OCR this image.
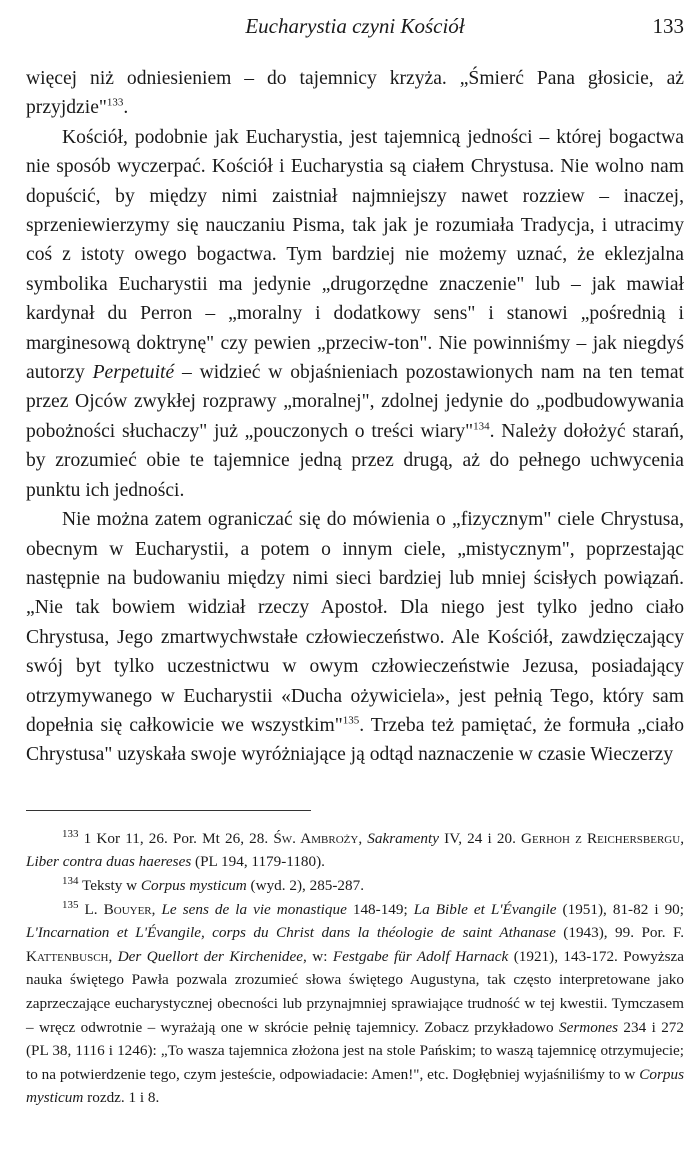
Eucharystia czyni Kościół	133

więcej niż odniesieniem – do tajemnicy krzyża. „Śmierć Pana głosicie, aż przyjdzie"$^{133}$.

Kościół, podobnie jak Eucharystia, jest tajemnicą jedności – której bogactwa nie sposób wyczerpać. Kościół i Eucharystia są ciałem Chrystusa. Nie wolno nam dopuścić, by między nimi zaistniał najmniejszy nawet rozziew – inaczej, sprzeniewierzymy się nauczaniu Pisma, tak jak je rozumiała Tradycja, i utracimy coś z istoty owego bogactwa. Tym bardziej nie możemy uznać, że eklezjalna symbolika Eucharystii ma jedynie „drugorzędne znaczenie" lub – jak mawiał kardynał du Perron – „moralny i dodatkowy sens" i stanowi „pośrednią i marginesową doktrynę" czy pewien „przeciw-ton". Nie powinniśmy – jak niegdyś autorzy Perpetuité – widzieć w objaśnieniach pozostawionych nam na ten temat przez Ojców zwykłej rozprawy „moralnej", zdolnej jedynie do „podbudowywania pobożności słuchaczy" już „pouczonych o treści wiary"$^{134}$. Należy dołożyć starań, by zrozumieć obie te tajemnice jedną przez drugą, aż do pełnego uchwycenia punktu ich jedności.

Nie można zatem ograniczać się do mówienia o „fizycznym" ciele Chrystusa, obecnym w Eucharystii, a potem o innym ciele, „mistycznym", poprzestając następnie na budowaniu między nimi sieci bardziej lub mniej ścisłych powiązań. „Nie tak bowiem widział rzeczy Apostoł. Dla niego jest tylko jedno ciało Chrystusa, Jego zmartwychwstałe człowieczeństwo. Ale Kościół, zawdzięczający swój byt tylko uczestnictwu w owym człowieczeństwie Jezusa, posiadający otrzymywanego w Eucharystii «Ducha ożywiciela», jest pełnią Tego, który sam dopełnia się całkowicie we wszystkim"$^{135}$. Trzeba też pamiętać, że formuła „ciało Chrystusa" uzyskała swoje wyróżniające ją odtąd naznaczenie w czasie Wieczerzy

$^{133}$ 1 Kor 11, 26. Por. Mt 26, 28. Św. Ambroży, Sakramenty IV, 24 i 20. Gerhoh z Reichersbergu, Liber contra duas haereses (PL 194, 1179-1180).

$^{134}$ Teksty w Corpus mysticum (wyd. 2), 285-287.

$^{135}$ L. Bouyer, Le sens de la vie monastique 148-149; La Bible et L'Évangile (1951), 81-82 i 90; L'Incarnation et L'Évangile, corps du Christ dans la théologie de saint Athanase (1943), 99. Por. F. Kattenbusch, Der Quellort der Kirchenidee, w: Festgabe für Adolf Harnack (1921), 143-172. Powyższa nauka świętego Pawła pozwala zrozumieć słowa świętego Augustyna, tak często interpretowane jako zaprzeczające eucharystycznej obecności lub przynajmniej sprawiające trudność w tej kwestii. Tymczasem – wręcz odwrotnie – wyrażają one w skrócie pełnię tajemnicy. Zobacz przykładowo Sermones 234 i 272 (PL 38, 1116 i 1246): „To wasza tajemnica złożona jest na stole Pańskim; to waszą tajemnicę otrzymujecie; to na potwierdzenie tego, czym jesteście, odpowiadacie: Amen!", etc. Dogłębniej wyjaśniliśmy to w Corpus mysticum rozdz. 1 i 8.
